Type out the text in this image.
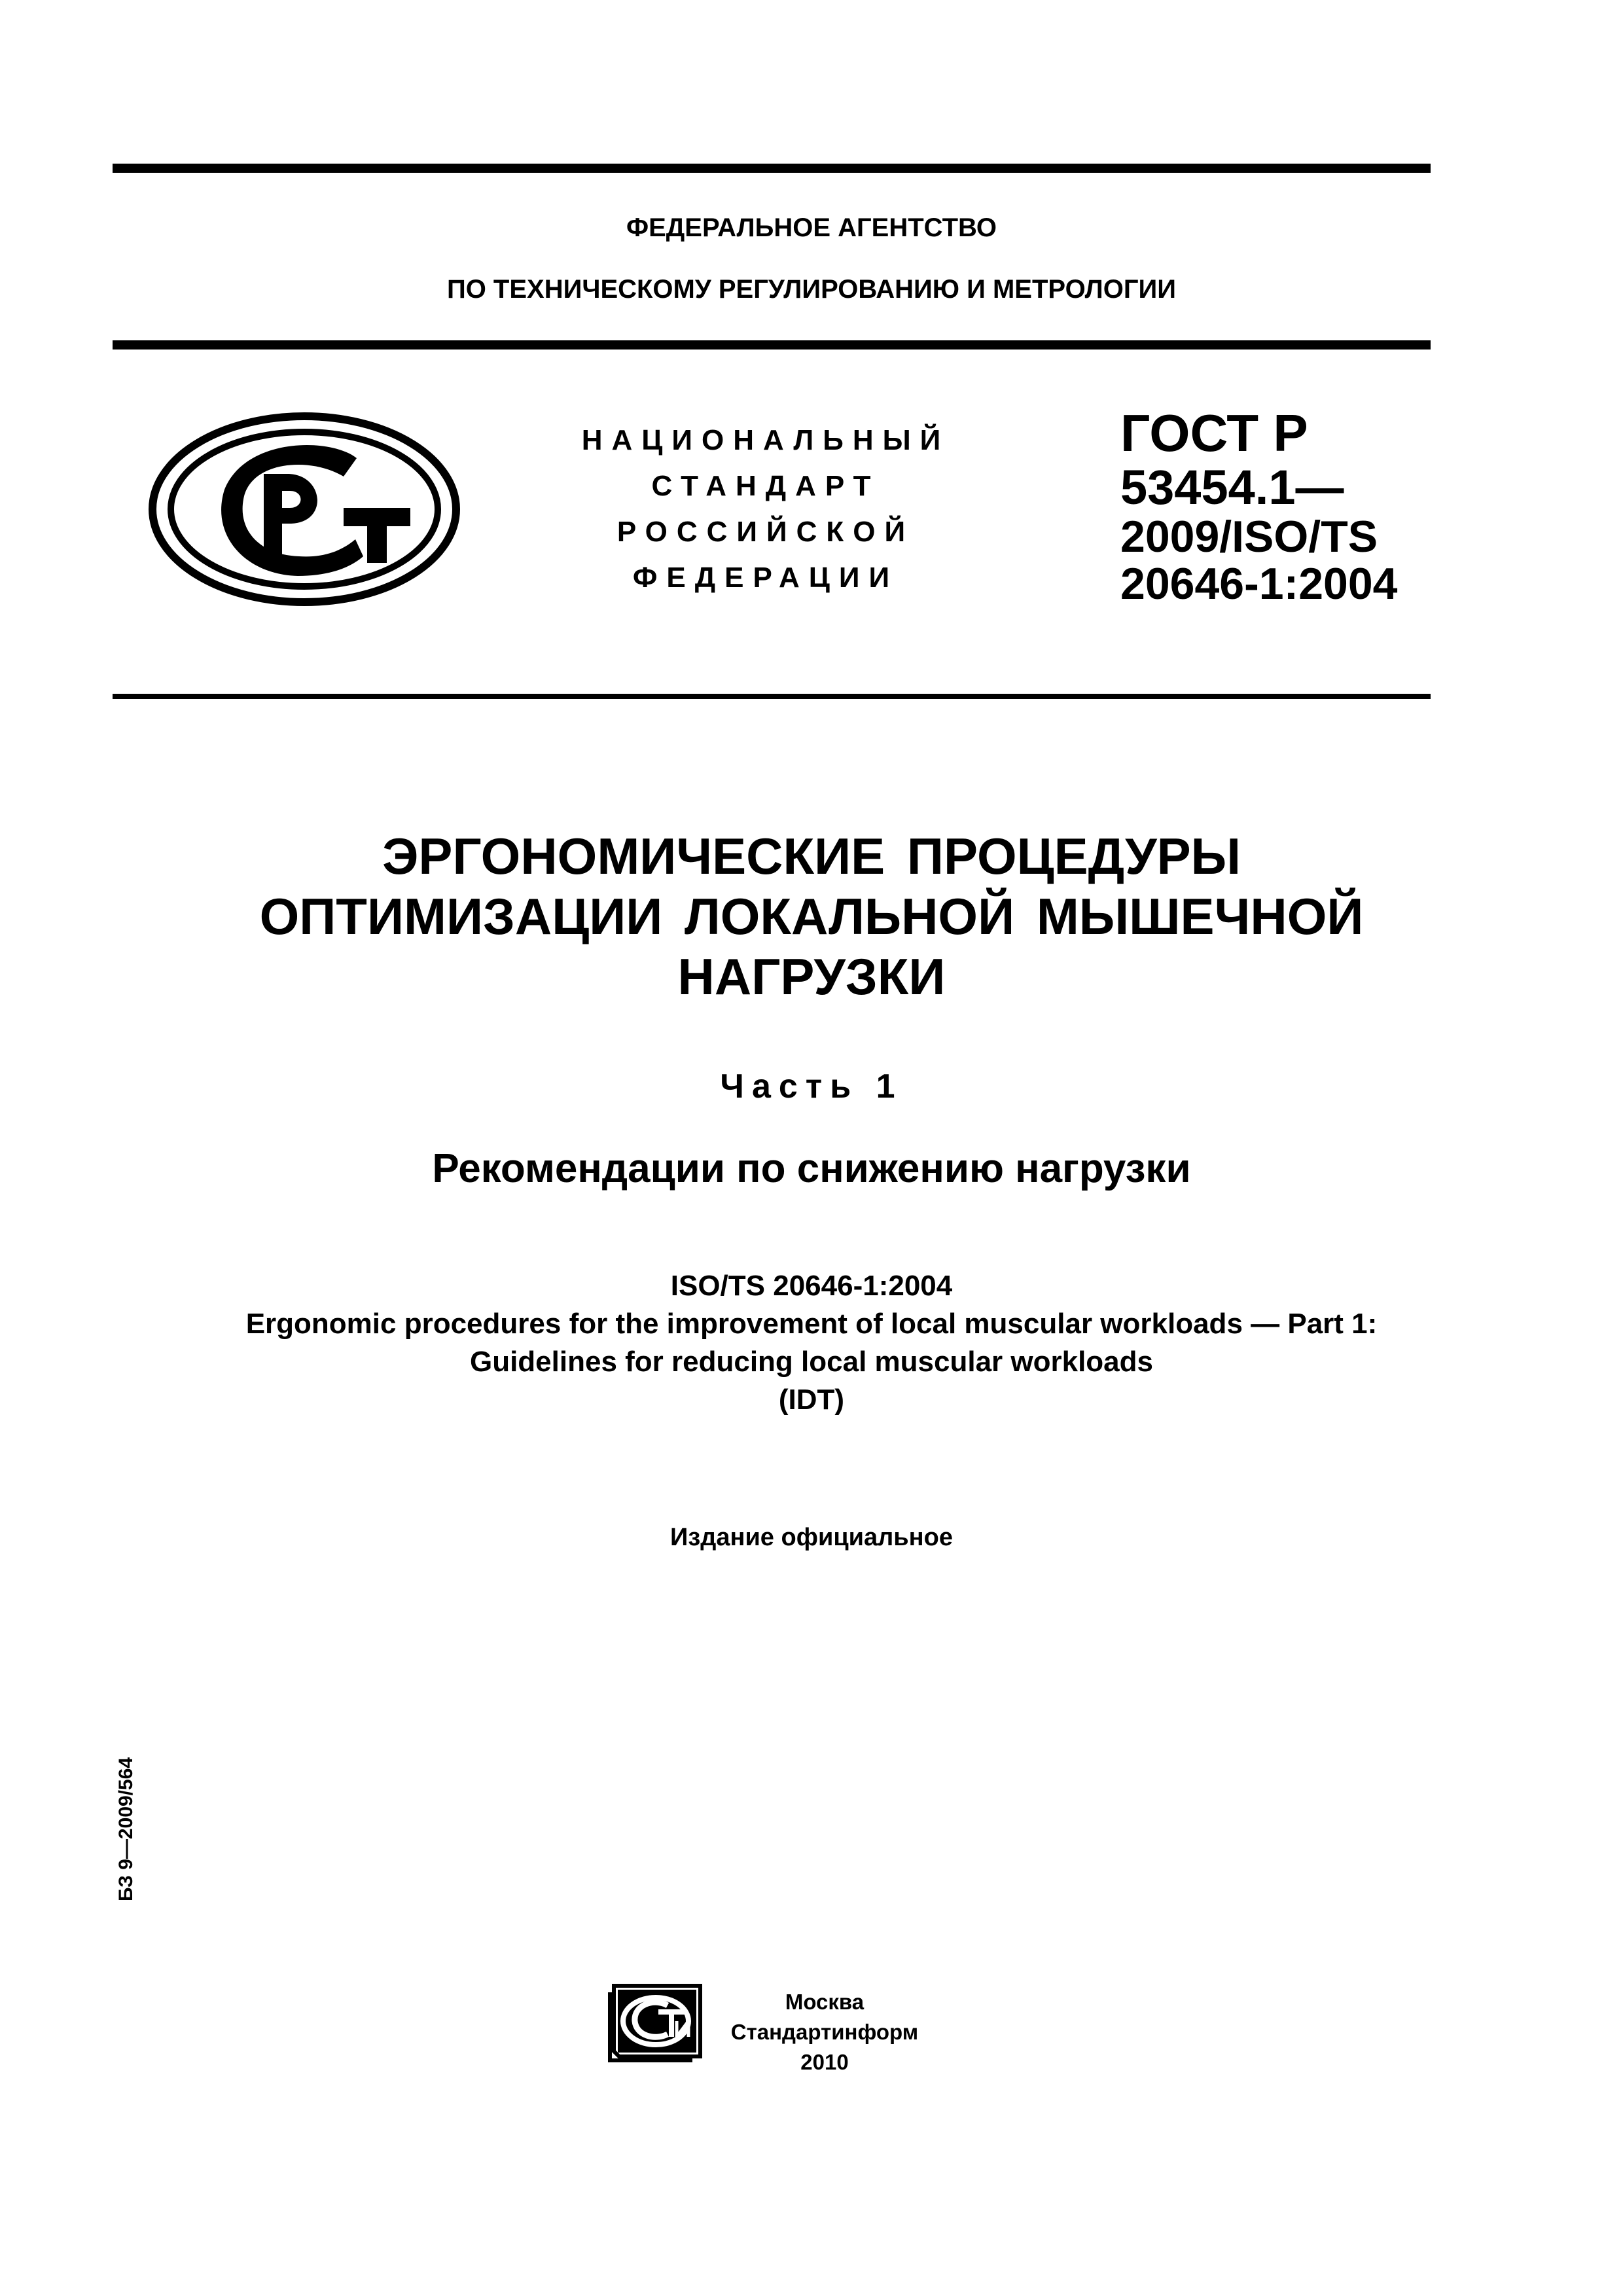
ФЕДЕРАЛЬНОЕ АГЕНТСТВО
ПО ТЕХНИЧЕСКОМУ РЕГУЛИРОВАНИЮ И МЕТРОЛОГИИ
НАЦИОНАЛЬНЫЙ
СТАНДАРТ
РОССИЙСКОЙ
ФЕДЕРАЦИИ
ГОСТ Р
53454.1—
2009/ISO/TS
20646-1:2004
ЭРГОНОМИЧЕСКИЕ ПРОЦЕДУРЫ
ОПТИМИЗАЦИИ ЛОКАЛЬНОЙ МЫШЕЧНОЙ
НАГРУЗКИ
Часть 1
Рекомендации по снижению нагрузки
ISO/TS 20646-1:2004
Ergonomic procedures for the improvement of local muscular workloads — Part 1:
Guidelines for reducing local muscular workloads
(IDT)
Издание официальное
БЗ 9—2009/564
Москва
Стандартинформ
2010
